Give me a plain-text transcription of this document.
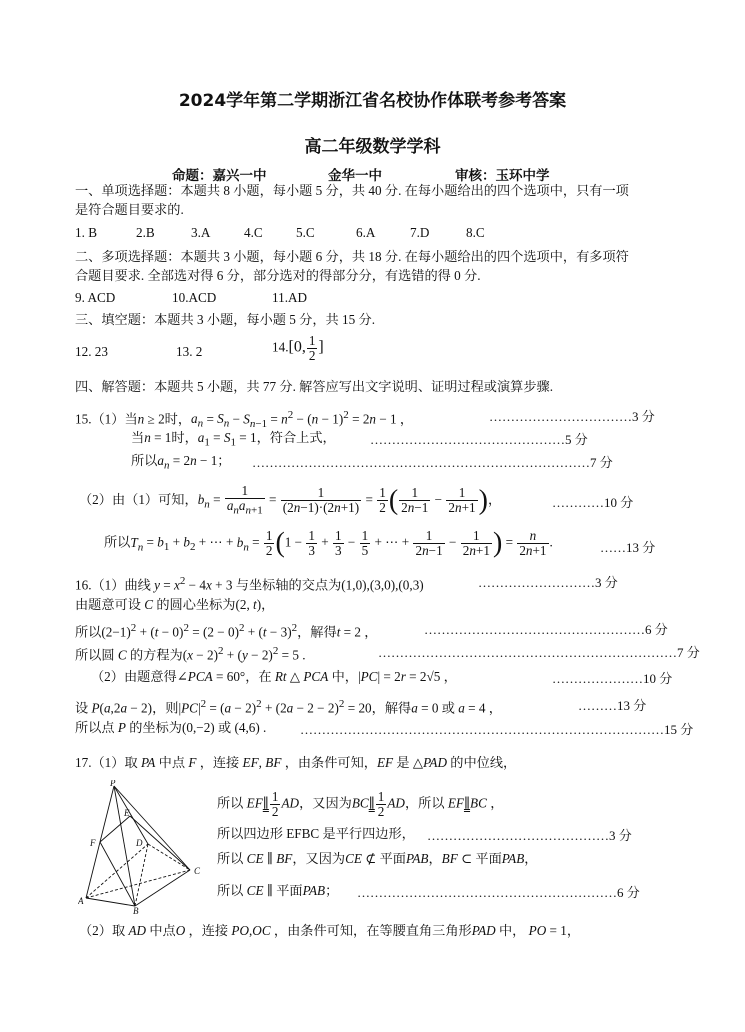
2024学年第二学期浙江省名校协作体联考参考答案
高二年级数学学科
命题：嘉兴一中	金华一中	审核：玉环中学
一、单项选择题：本题共 8 小题，每小题 5 分，共 40 分. 在每小题给出的四个选项中，只有一项
是符合题目要求的.
1. B	2.B	3.A	4.C	5.C	6.A	7.D	8.C
二、多项选择题：本题共 3 小题，每小题 6 分，共 18 分. 在每小题给出的四个选项中，有多项符
合题目要求. 全部选对得 6 分，部分选对的得部分分，有选错的得 0 分.
9. ACD	10.ACD	11.AD
三、填空题：本题共 3 小题，每小题 5 分，共 15 分.
12. 23	13. 2	14.[0, $\frac{1}{2}$ ]
四、解答题：本题共 5 小题，共 77 分. 解答应写出文字说明、证明过程或演算步骤.
15.（1）当n ≥ 2时，$a_n = S_n - S_{n-1} = n^2 - (n - 1)^2 = 2n - 1$ ，	……………………………3 分
当n = 1时，$a_1 = S_1 = 1$，符合上式，	………………………………………5 分
所以$a_n = 2n - 1$； ……………………………………………………………………7 分
（2）由（1）可知，$b_n = \frac{1}{a_na_{n+1}} = \frac{1}{(2n-1)\cdot(2n+1)} = \frac{1}{2}$ ( $\frac{1}{2n-1} - \frac{1}{2n+1}$ )，	…………10 分
所以$T_n = b_1 + b_2$ + ⋯ + $b_n = \frac{1}{2} (1 - \frac{1}{3} + \frac{1}{3} - \frac{1}{5}$ + ⋯ + $\frac{1}{2n-1} - \frac{1}{2n+1}$ ) = $\frac{n}{2n+1}$ .	……13 分
16.（1）曲线 $y = x^2 - 4x + 3$ 与坐标轴的交点为(1,0),(3,0),(0,3)	………………………3 分
由题意可设 C 的圆心坐标为(2, t)，
所以$(2-1)^2 + (t - 0)^2 = (2 - 0)^2 + (t - 3)^2$，解得t = 2 ，	……………………………………………6 分
所以圆 C 的方程为$(x - 2)^2 + (y - 2)^2 = 5$ .	……………………………………………………………7 分
（2）由题意得∠PCA = 60°，在 Rt △ PCA 中，|PC| = 2r = 2√5 ，	…………………10 分
设 P(a,2a − 2)，则$|PC|^2 = (a - 2)^2 + (2a - 2 - 2)^2 = 20$，解得a = 0 或 a = 4 ，	………13 分
所以点 P 的坐标为(0,−2) 或 (4,6) .	…………………………………………………………………………15 分
17.（1）取 PA 中点 F ，连接 EF, BF ，由条件可知，EF 是 △PAD 的中位线，
P
F
E
D
C
A
B
所以 EF∥ $\frac{1}{2}$ AD，又因为BC∥ $\frac{1}{2}$ AD，所以 EF∥BC ，
所以四边形 EFBC 是平行四边形， ……………………………………3 分
所以 CE ∥ BF，又因为CE ⊄ 平面PAB，BF ⊂ 平面PAB，
所以 CE ∥ 平面PAB； ……………………………………………………6 分
（2）取 AD 中点O ，连接 PO,OC ，由条件可知，在等腰直角三角形PAD 中， PO = 1，
